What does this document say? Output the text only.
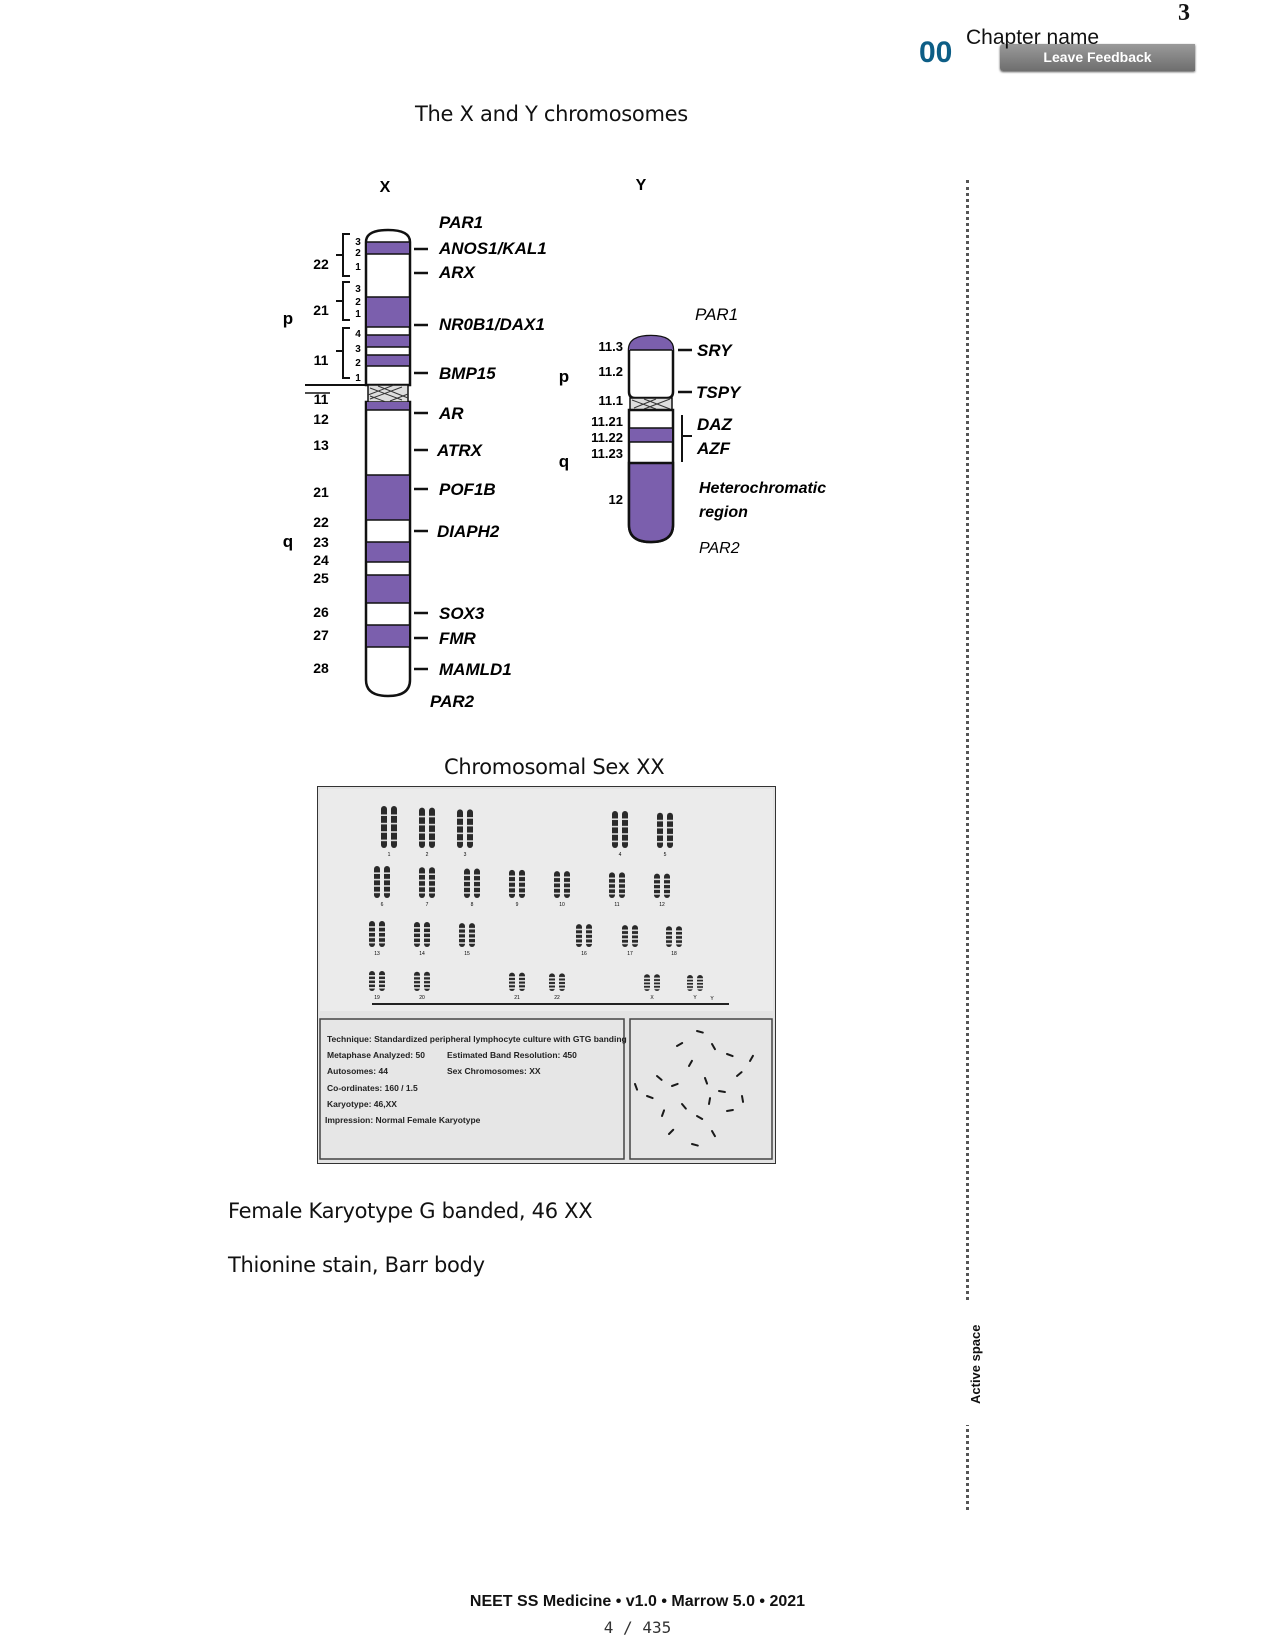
3
00	Leave Feedback
Chapter name
The X and Y chromosomes
X	Y
3
2
1
3
2
1
4
3
2
1
22
21
11
p
q
11
12
13
21
22
23
24
25
26
27
28
PAR1
ANOS1/KAL1
ARX
NR0B1/DAX1
BMP15
AR
ATRX
POF1B
DIAPH2
SOX3
FMR
MAMLD1
PAR2
11.3
11.2
11.1
11.21
11.22
11.23
12
p
q
PAR1
SRY
TSPY
DAZ
AZF
Heterochromatic
region
PAR2
Chromosomal Sex XX
1	2	3	4	5
6	7	8	9	10	11	12
13	14	15	16	17	18
19	20	21	22	X	Y	Y
Technique: Standardized peripheral lymphocyte culture with GTG banding
Metaphase Analyzed: 50	Estimated Band Resolution: 450
Autosomes: 44	Sex Chromosomes: XX
Co-ordinates: 160 / 1.5
Karyotype: 46,XX
Impression: Normal Female Karyotype
Female Karyotype G banded, 46 XX
Thionine stain, Barr body
Active space
NEET SS Medicine • v1.0 • Marrow 5.0 • 2021
4 / 435
